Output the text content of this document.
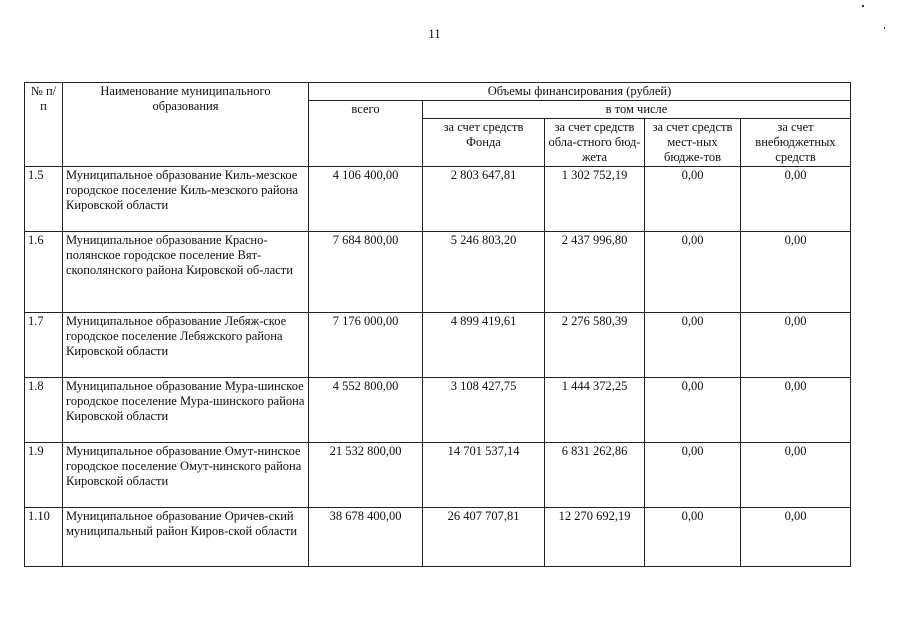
11
№ п/п	Наименование муниципального образования	Объемы финансирования (рублей)				
		всего	в том числе			
			за счет средств Фонда	за счет средств обла-стного бюд-жета	за счет средств мест-ных бюдже-тов	за счет внебюджетных средств
1.5	Муниципальное образование Киль-мезское городское поселение Киль-мезского района Кировской области	4 106 400,00	2 803 647,81	1 302 752,19	0,00	0,00
1.6	Муниципальное образование Красно-полянское городское поселение Вят-скополянского района Кировской об-ласти	7 684 800,00	5 246 803,20	2 437 996,80	0,00	0,00
1.7	Муниципальное образование Лебяж-ское городское поселение Лебяжского района Кировской области	7 176 000,00	4 899 419,61	2 276 580,39	0,00	0,00
1.8	Муниципальное образование Мура-шинское городское поселение Мура-шинского района Кировской области	4 552 800,00	3 108 427,75	1 444 372,25	0,00	0,00
1.9	Муниципальное образование Омут-нинское городское поселение Омут-нинского района Кировской области	21 532 800,00	14 701 537,14	6 831 262,86	0,00	0,00
1.10	Муниципальное образование Оричев-ский муниципальный район Киров-ской области	38 678 400,00	26 407 707,81	12 270 692,19	0,00	0,00
